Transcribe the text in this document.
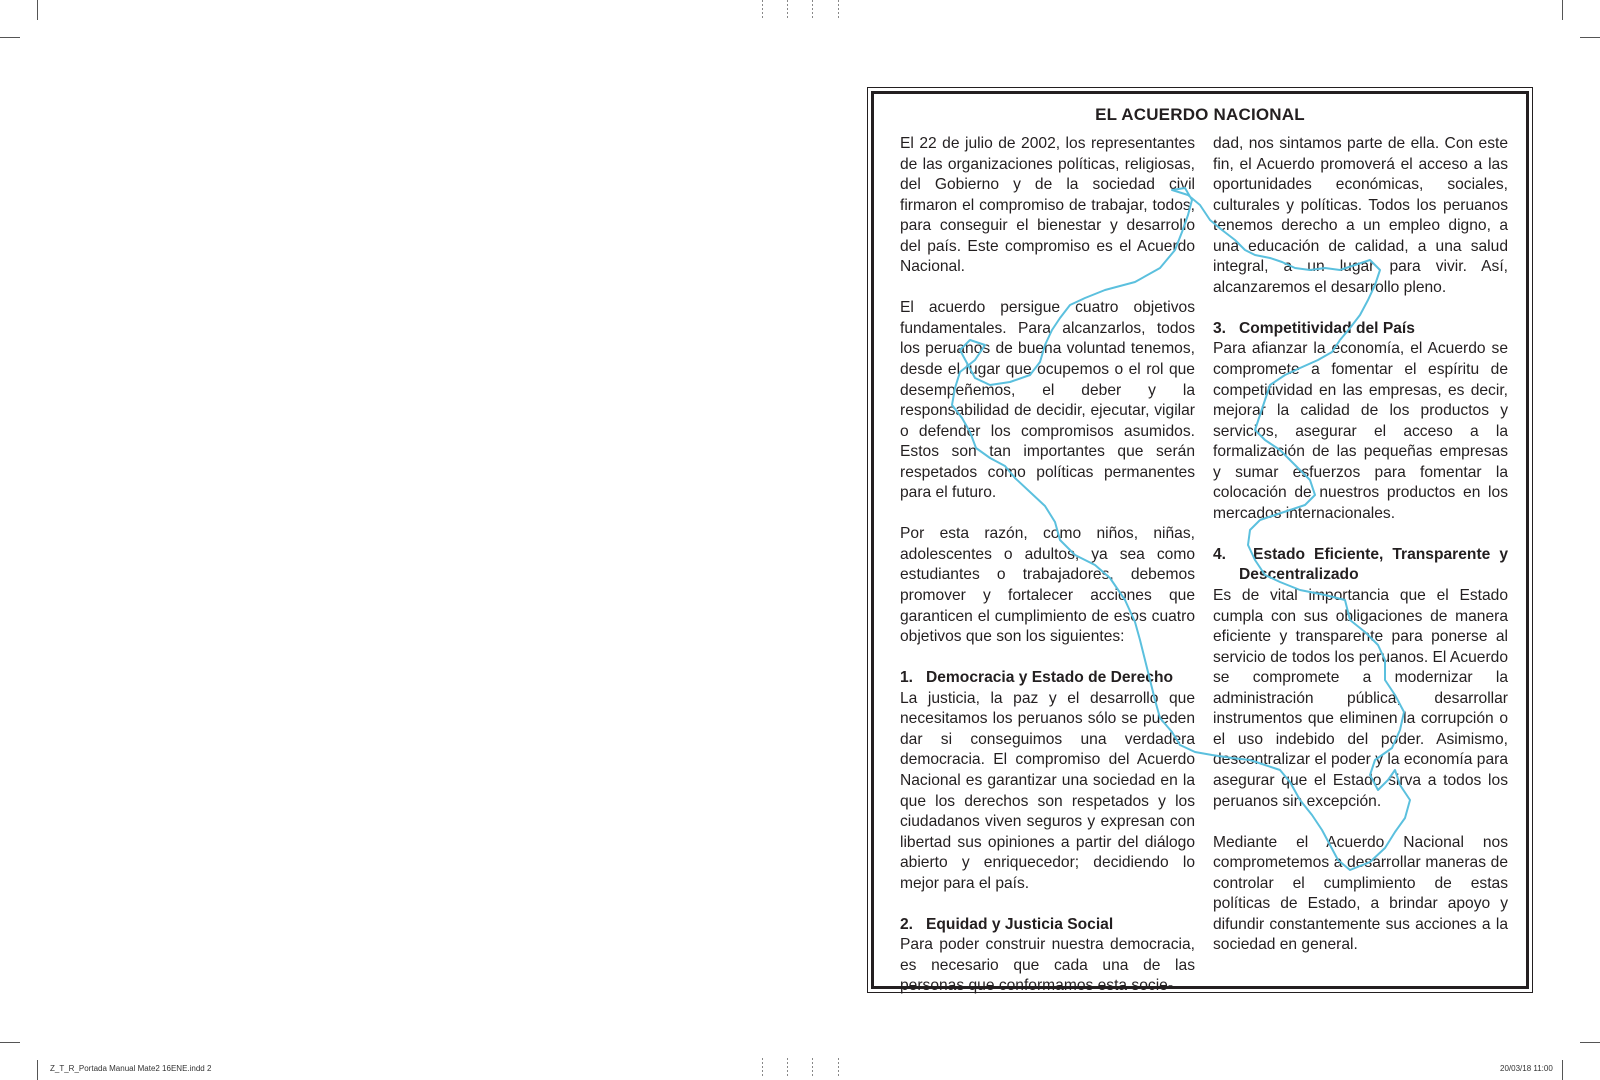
Z_T_R_Portada Manual Mate2 16ENE.indd 2	20/03/18 11:00
EL ACUERDO NACIONAL

El 22 de julio de 2002, los representantes de las organizaciones políticas, religiosas, del Gobierno y de la sociedad civil firmaron el compromiso de trabajar, todos, para conseguir el bienestar y desarrollo del país. Este compromiso es el Acuerdo Nacional.

El acuerdo persigue cuatro objetivos fundamentales. Para alcanzarlos, todos los peruanos de buena voluntad tenemos, desde el lugar que ocupemos o el rol que desempeñemos, el deber y la responsabilidad de decidir, ejecutar, vigilar o defender los compromisos asumidos. Estos son tan importantes que serán respetados como políticas permanentes para el futuro.

Por esta razón, como niños, niñas, adolescentes o adultos, ya sea como estudiantes o trabajadores, debemos promover y fortalecer acciones que garanticen el cumplimiento de esos cuatro objetivos que son los siguientes:

1.   Democracia y Estado de Derecho

La justicia, la paz y el desarrollo que necesitamos los peruanos sólo se pueden dar si conseguimos una verdadera democracia. El compromiso del Acuerdo Nacional es garantizar una sociedad en la que los derechos son respetados y los ciudadanos viven seguros y expresan con libertad sus opiniones a partir del diálogo abierto y enriquecedor; decidiendo lo mejor para el país.

2.   Equidad y Justicia Social

Para poder construir nuestra democracia, es necesario que cada una de las personas que conformamos esta socie-

dad, nos sintamos parte de ella. Con este fin, el Acuerdo promoverá el acceso a las oportunidades económicas, sociales, culturales y políticas. Todos los peruanos tenemos derecho a un empleo digno, a una educación de calidad, a una salud integral, a un lugar para vivir. Así, alcanzaremos el desarrollo pleno.

3.   Competitividad del País

Para afianzar la economía, el Acuerdo se compromete a fomentar el espíritu de competitividad en las empresas, es decir, mejorar la calidad de los productos y servicios, asegurar el acceso a la formalización de las pequeñas empresas y sumar esfuerzos para fomentar la colocación de nuestros productos en los mercados internacionales.

4.   Estado Eficiente, Transparente y Descentralizado

Es de vital importancia que el Estado cumpla con sus obligaciones de manera eficiente y transparente para ponerse al servicio de todos los peruanos. El Acuerdo se compromete a modernizar la administración pública, desarrollar instrumentos que eliminen la corrupción o el uso indebido del poder. Asimismo, descentralizar el poder y la economía para asegurar que el Estado sirva a todos los peruanos sin excepción.

Mediante el Acuerdo Nacional nos comprometemos a desarrollar maneras de controlar el cumplimiento de estas políticas de Estado, a brindar apoyo y difundir constantemente sus acciones a la sociedad en general.
